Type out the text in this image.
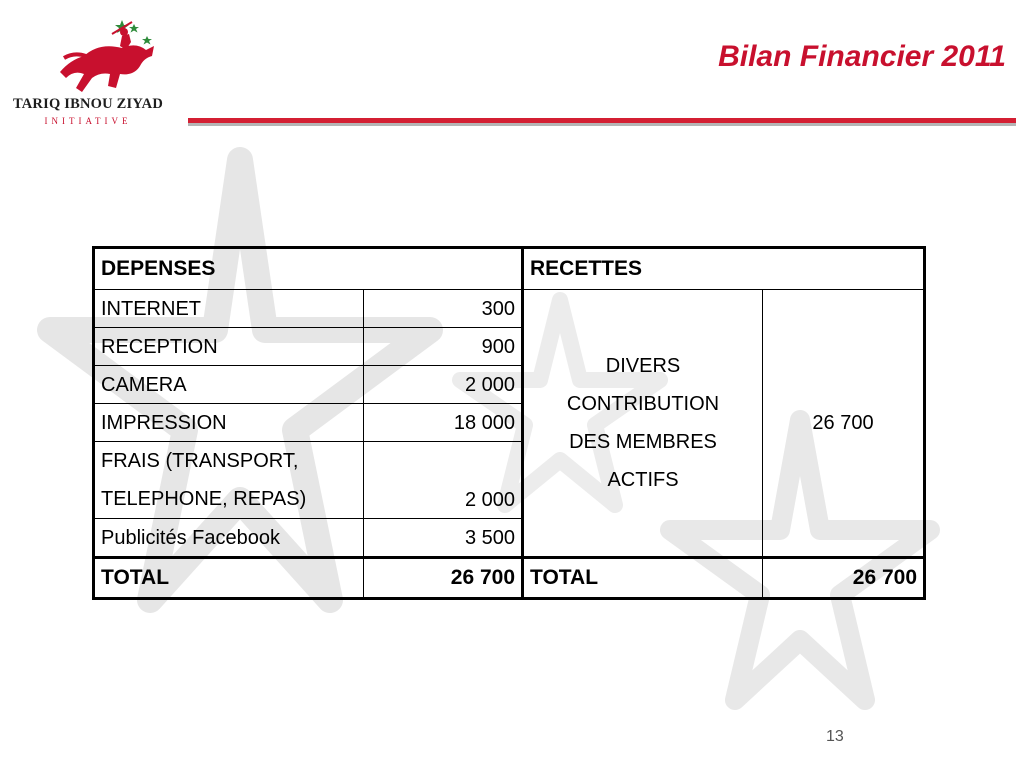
TARIQ IBNOU ZIYAD
INITIATIVE
Bilan Financier 2011
DEPENSES		RECETTES	
INTERNET	300	DIVERS CONTRIBUTION DES MEMBRES ACTIFS	26 700
RECEPTION	900		
CAMERA	2 000		
IMPRESSION	18 000		
FRAIS (TRANSPORT, TELEPHONE, REPAS)	2 000		
Publicités Facebook	3 500		
TOTAL	26 700	TOTAL	26 700
13
